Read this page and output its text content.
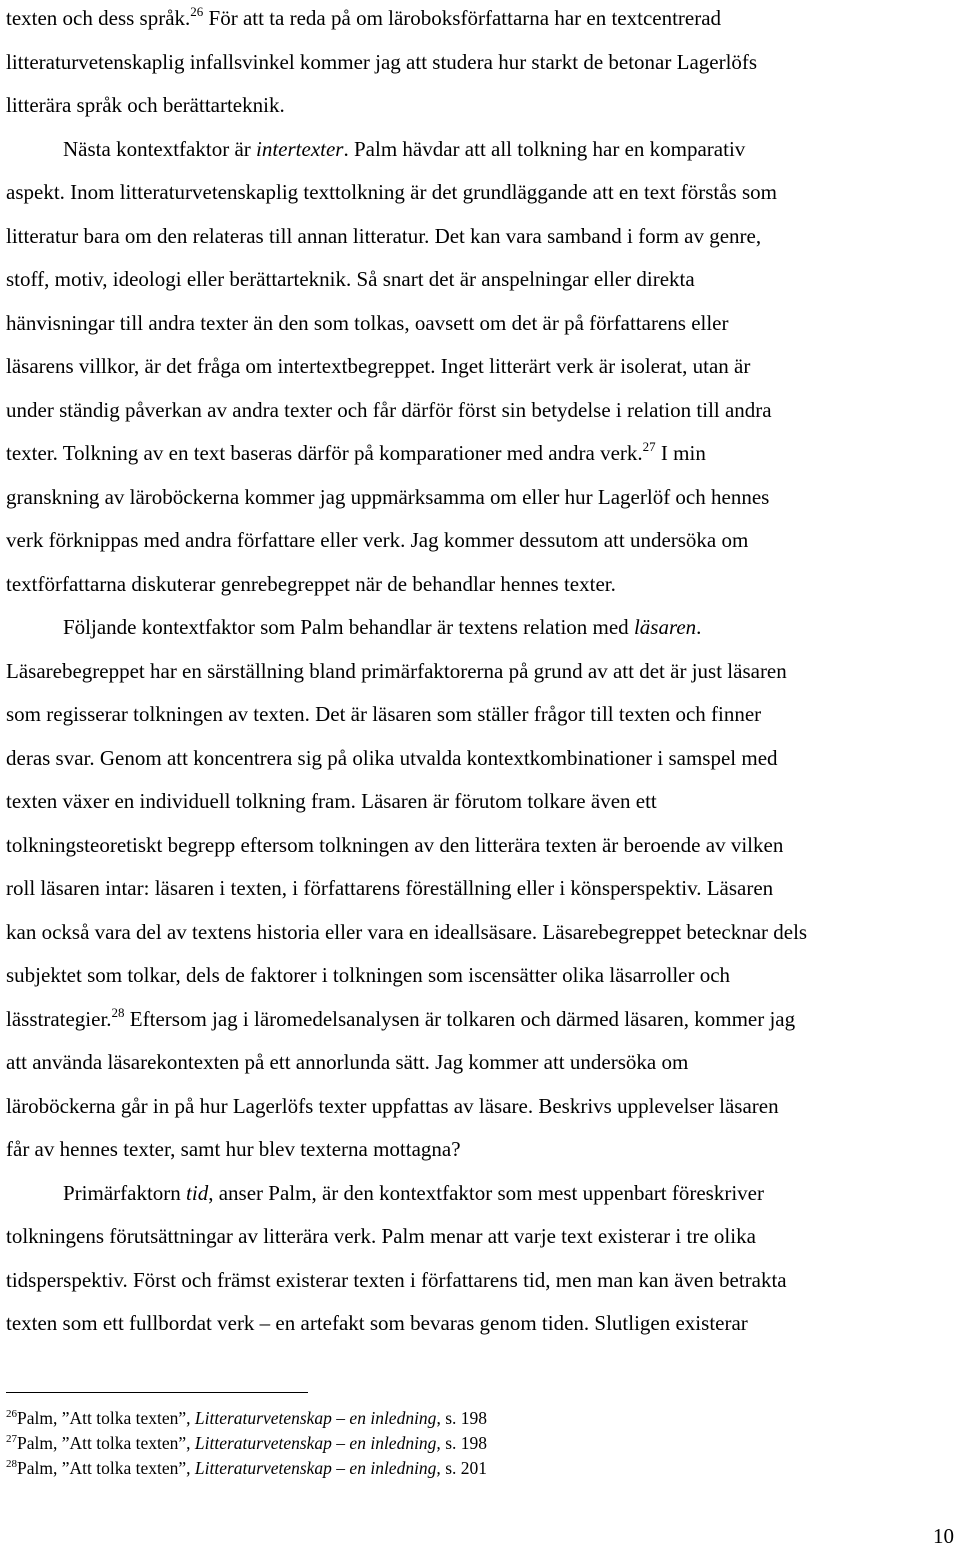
texten och dess språk.$^{26}$ För att ta reda på om läroboksförfattarna har en textcentrerad
litteraturvetenskaplig infallsvinkel kommer jag att studera hur starkt de betonar Lagerlöfs
litterära språk och berättarteknik.
Nästa kontextfaktor är intertexter. Palm hävdar att all tolkning har en komparativ
aspekt. Inom litteraturvetenskaplig texttolkning är det grundläggande att en text förstås som
litteratur bara om den relateras till annan litteratur. Det kan vara samband i form av genre,
stoff, motiv, ideologi eller berättarteknik. Så snart det är anspelningar eller direkta
hänvisningar till andra texter än den som tolkas, oavsett om det är på författarens eller
läsarens villkor, är det fråga om intertextbegreppet. Inget litterärt verk är isolerat, utan är
under ständig påverkan av andra texter och får därför först sin betydelse i relation till andra
texter. Tolkning av en text baseras därför på komparationer med andra verk.$^{27}$ I min
granskning av läroböckerna kommer jag uppmärksamma om eller hur Lagerlöf och hennes
verk förknippas med andra författare eller verk. Jag kommer dessutom att undersöka om
textförfattarna diskuterar genrebegreppet när de behandlar hennes texter.
Följande kontextfaktor som Palm behandlar är textens relation med läsaren.
Läsarebegreppet har en särställning bland primärfaktorerna på grund av att det är just läsaren
som regisserar tolkningen av texten. Det är läsaren som ställer frågor till texten och finner
deras svar. Genom att koncentrera sig på olika utvalda kontextkombinationer i samspel med
texten växer en individuell tolkning fram. Läsaren är förutom tolkare även ett
tolkningsteoretiskt begrepp eftersom tolkningen av den litterära texten är beroende av vilken
roll läsaren intar: läsaren i texten, i författarens föreställning eller i könsperspektiv. Läsaren
kan också vara del av textens historia eller vara en ideallsäsare. Läsarebegreppet betecknar dels
subjektet som tolkar, dels de faktorer i tolkningen som iscensätter olika läsarroller och
lässtrategier.$^{28}$ Eftersom jag i läromedelsanalysen är tolkaren och därmed läsaren, kommer jag
att använda läsarekontexten på ett annorlunda sätt. Jag kommer att undersöka om
läroböckerna går in på hur Lagerlöfs texter uppfattas av läsare. Beskrivs upplevelser läsaren
får av hennes texter, samt hur blev texterna mottagna?
Primärfaktorn tid, anser Palm, är den kontextfaktor som mest uppenbart föreskriver
tolkningens förutsättningar av litterära verk. Palm menar att varje text existerar i tre olika
tidsperspektiv. Först och främst existerar texten i författarens tid, men man kan även betrakta
texten som ett fullbordat verk – en artefakt som bevaras genom tiden. Slutligen existerar
$^{26}$Palm, ”Att tolka texten”, Litteraturvetenskap – en inledning, s. 198
$^{27}$Palm, ”Att tolka texten”, Litteraturvetenskap – en inledning, s. 198
$^{28}$Palm, ”Att tolka texten”, Litteraturvetenskap – en inledning, s. 201
10
